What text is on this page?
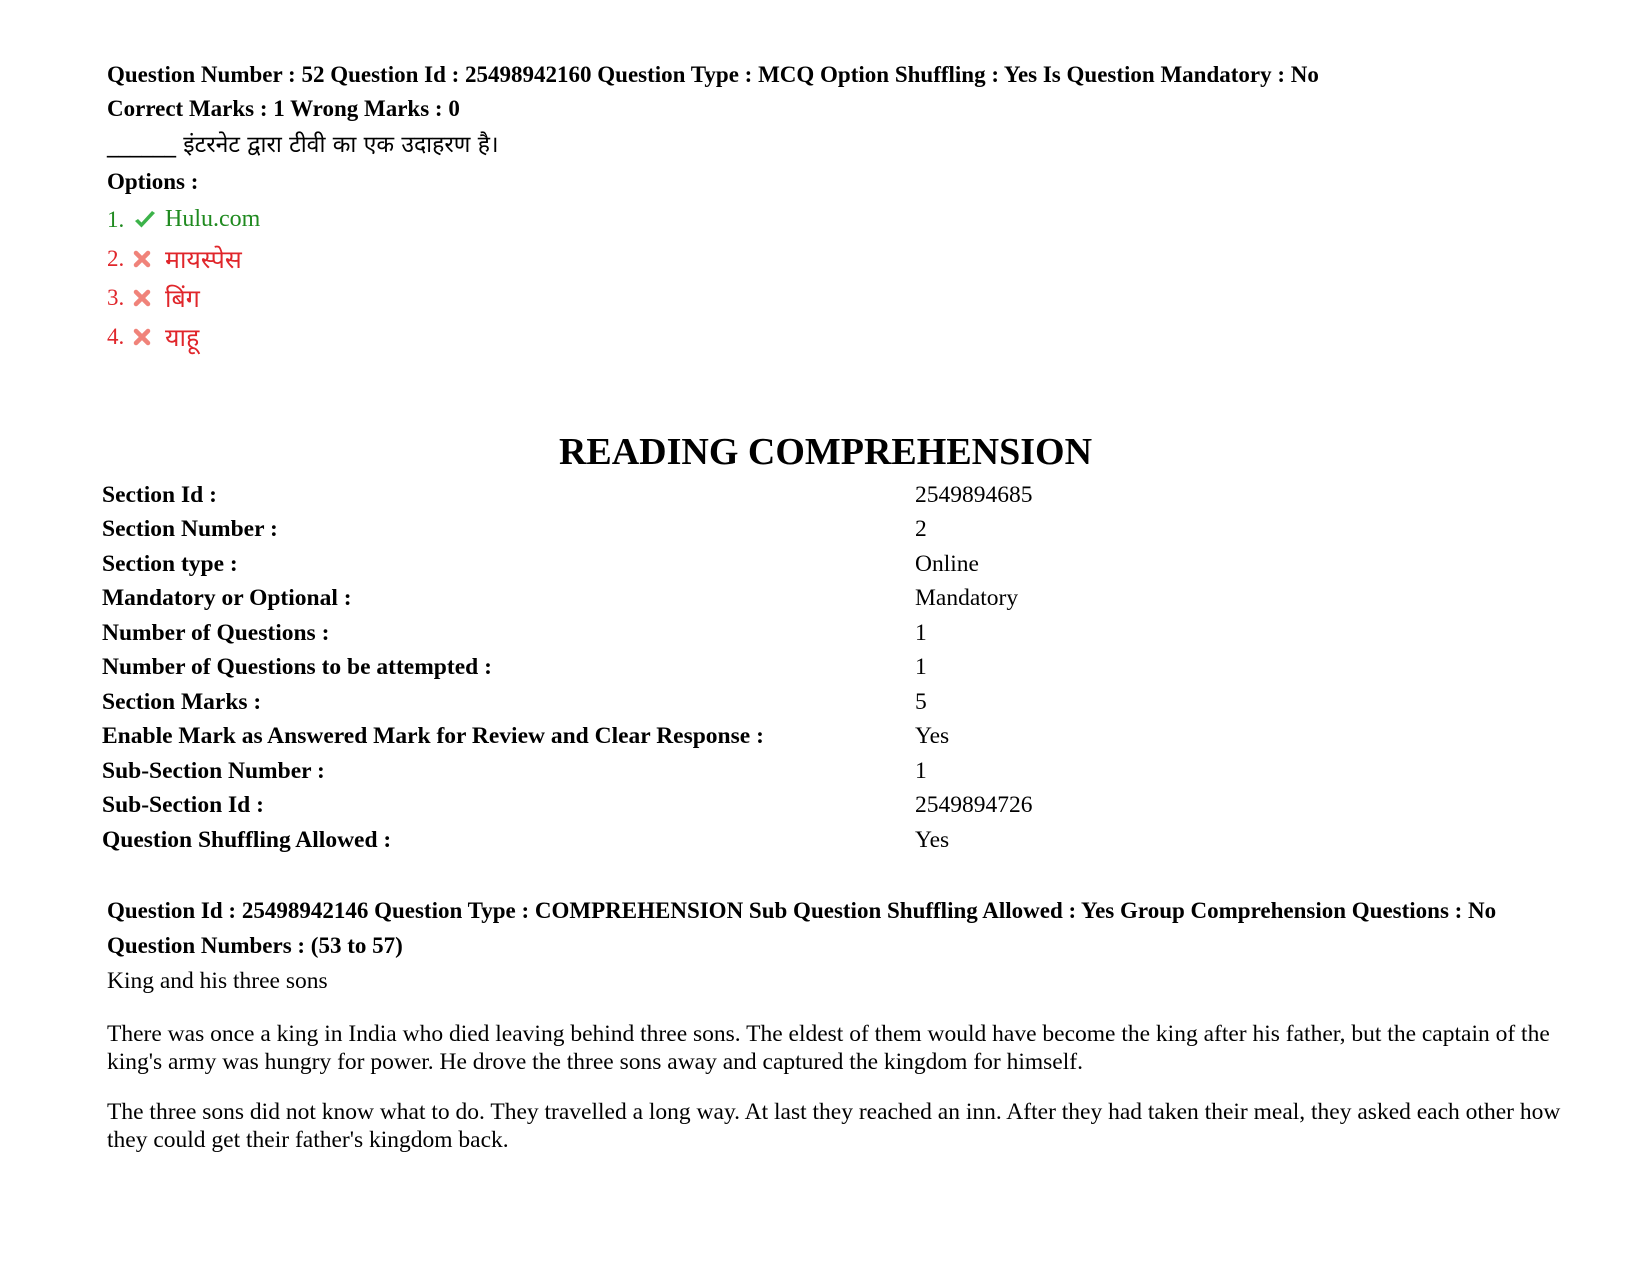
Question Number : 52 Question Id : 25498942160 Question Type : MCQ Option Shuffling : Yes Is Question Mandatory : No
Correct Marks : 1 Wrong Marks : 0
______ इंटरनेट द्वारा टीवी का एक उदाहरण है।
Options :
1.	Hulu.com
2.	मायस्पेस
3.	बिंग
4.	याहू
READING COMPREHENSION
Section Id :	2549894685
Section Number :	2
Section type :	Online
Mandatory or Optional :	Mandatory
Number of Questions :	1
Number of Questions to be attempted :	1
Section Marks :	5
Enable Mark as Answered Mark for Review and Clear Response :	Yes
Sub-Section Number :	1
Sub-Section Id :	2549894726
Question Shuffling Allowed :	Yes
Question Id : 25498942146 Question Type : COMPREHENSION Sub Question Shuffling Allowed : Yes Group Comprehension Questions : No
Question Numbers : (53 to 57)
King and his three sons
There was once a king in India who died leaving behind three sons. The eldest of them would have become the king after his father, but the captain of the king's army was hungry for power. He drove the three sons away and captured the kingdom for himself.
The three sons did not know what to do. They travelled a long way. At last they reached an inn. After they had taken their meal, they asked each other how they could get their father's kingdom back.
